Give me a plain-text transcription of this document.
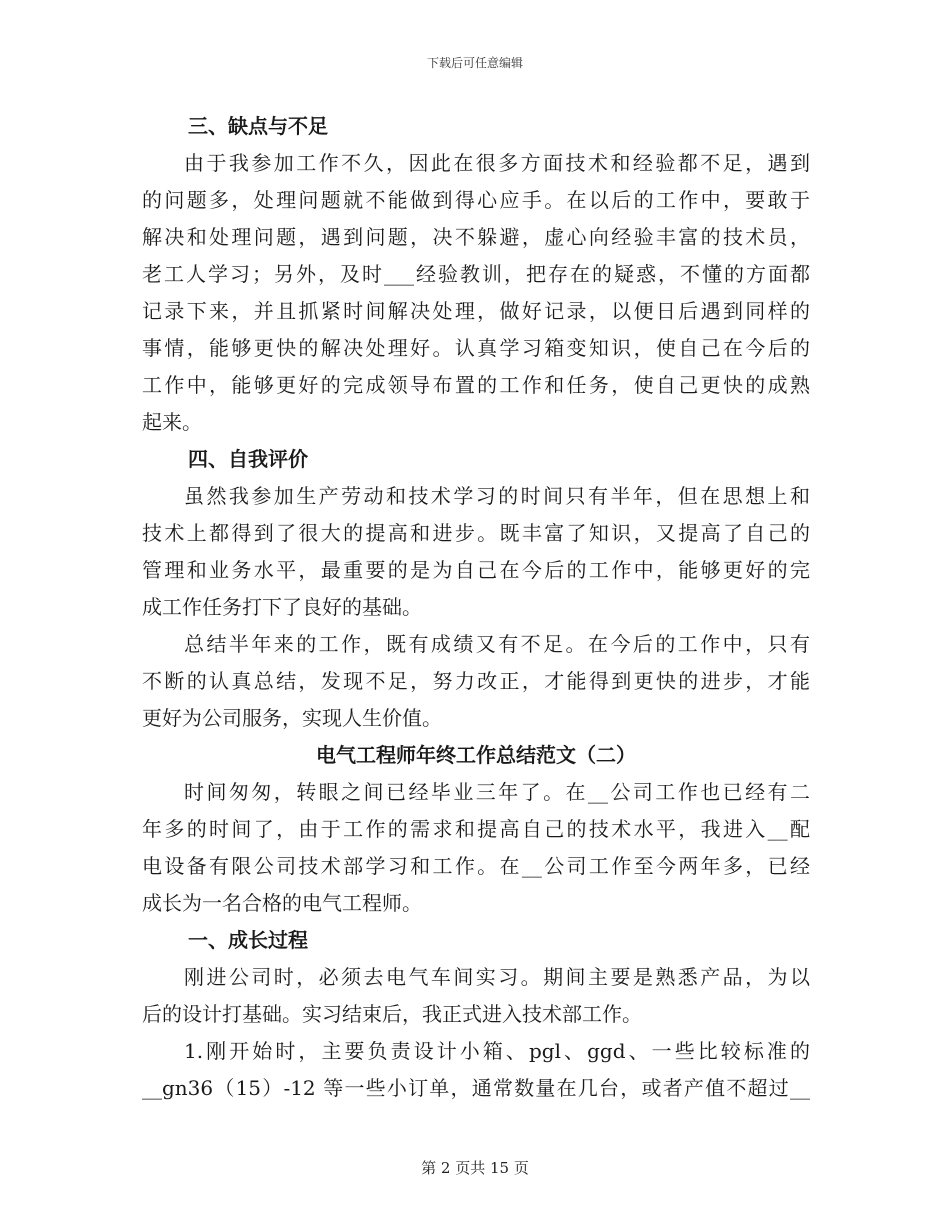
下载后可任意编辑
三、缺点与不足
由于我参加工作不久，因此在很多方面技术和经验都不足，遇到
的问题多，处理问题就不能做到得心应手。在以后的工作中，要敢于
解决和处理问题，遇到问题，决不躲避，虚心向经验丰富的技术员，
老工人学习；另外，及时___经验教训，把存在的疑惑，不懂的方面都
记录下来，并且抓紧时间解决处理，做好记录，以便日后遇到同样的
事情，能够更快的解决处理好。认真学习箱变知识，使自己在今后的
工作中，能够更好的完成领导布置的工作和任务，使自己更快的成熟
起来。
四、自我评价
虽然我参加生产劳动和技术学习的时间只有半年，但在思想上和
技术上都得到了很大的提高和进步。既丰富了知识，又提高了自己的
管理和业务水平，最重要的是为自己在今后的工作中，能够更好的完
成工作任务打下了良好的基础。
总结半年来的工作，既有成绩又有不足。在今后的工作中，只有
不断的认真总结，发现不足，努力改正，才能得到更快的进步，才能
更好为公司服务，实现人生价值。
电气工程师年终工作总结范文（二）
时间匆匆，转眼之间已经毕业三年了。在__公司工作也已经有二
年多的时间了，由于工作的需求和提高自己的技术水平，我进入__配
电设备有限公司技术部学习和工作。在__公司工作至今两年多，已经
成长为一名合格的电气工程师。
一、成长过程
刚进公司时，必须去电气车间实习。期间主要是熟悉产品，为以
后的设计打基础。实习结束后，我正式进入技术部工作。
1.刚开始时，主要负责设计小箱、pgl、ggd、一些比较标准的
__gn36（15）-12 等一些小订单，通常数量在几台，或者产值不超过__
第 2 页共 15 页
